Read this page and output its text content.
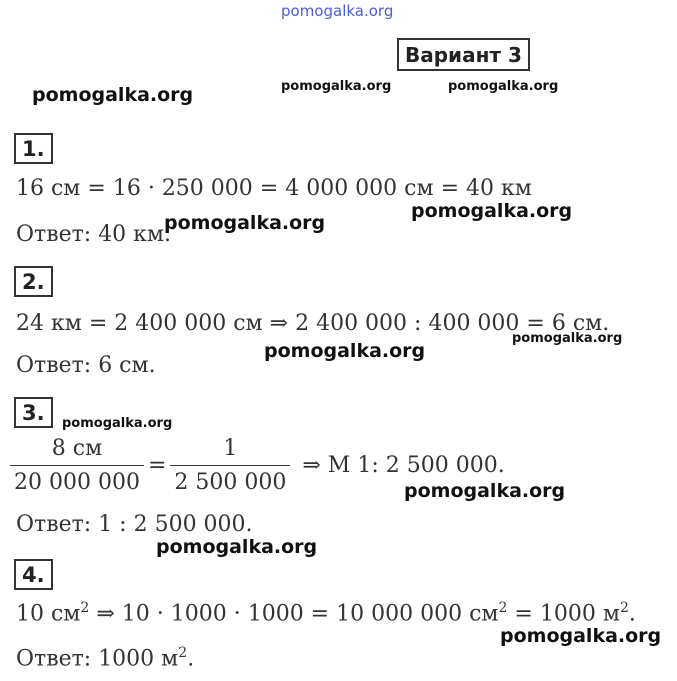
pomogalka.org
Вариант 3
pomogalka.org	pomogalka.org	pomogalka.org
1.
16 см = 16 · 250 000 = 4 000 000 см = 40 км
pomogalka.org
Ответ: 40 км.
pomogalka.org
2.
24 км = 2 400 000 см ⇒ 2 400 000 : 400 000 = 6 см.
pomogalka.org
pomogalka.org
Ответ: 6 см.
3.	pomogalka.org
$\frac{8 см}{20 000 000} = \frac{1}{2 500 000}$ ⇒ M 1: 2 500 000.
pomogalka.org
Ответ: 1 : 2 500 000.
pomogalka.org
4.
10 $см^2$ ⇒ 10 · 1000 · 1000 = 10 000 000 $см^2 = 1000$ $м^2$.
pomogalka.org
Ответ: 1000 $м^2$.
